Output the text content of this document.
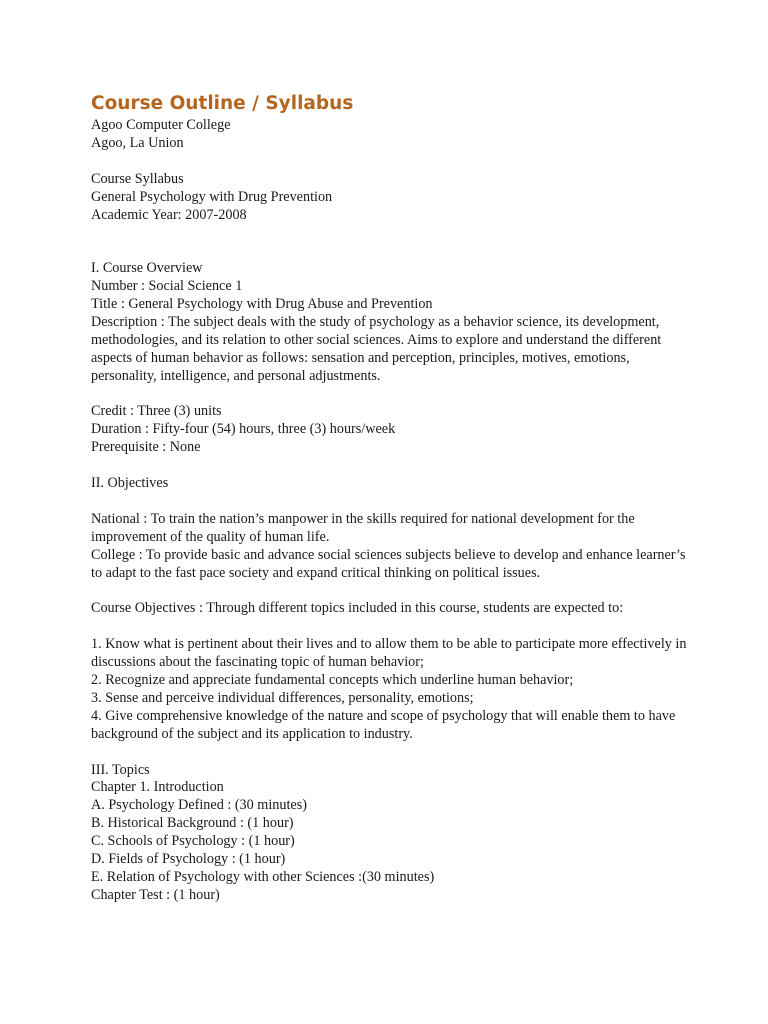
Course Outline / Syllabus
Agoo Computer College
Agoo, La Union
Course Syllabus
General Psychology with Drug Prevention
Academic Year: 2007-2008
I. Course Overview
Number : Social Science 1
Title : General Psychology with Drug Abuse and Prevention
Description : The subject deals with the study of psychology as a behavior science, its development, methodologies, and its relation to other social sciences. Aims to explore and understand the different aspects of human behavior as follows: sensation and perception, principles, motives, emotions, personality, intelligence, and personal adjustments.
Credit : Three (3) units
Duration : Fifty-four (54) hours, three (3) hours/week
Prerequisite : None
II. Objectives
National : To train the nation’s manpower in the skills required for national development for the improvement of the quality of human life.
College : To provide basic and advance social sciences subjects believe to develop and enhance learner’s to adapt to the fast pace society and expand critical thinking on political issues.
Course Objectives : Through different topics included in this course, students are expected to:
1. Know what is pertinent about their lives and to allow them to be able to participate more effectively in discussions about the fascinating topic of human behavior;
2. Recognize and appreciate fundamental concepts which underline human behavior;
3. Sense and perceive individual differences, personality, emotions;
4. Give comprehensive knowledge of the nature and scope of psychology that will enable them to have background of the subject and its application to industry.
III. Topics
Chapter 1. Introduction
A. Psychology Defined : (30 minutes)
B. Historical Background : (1 hour)
C. Schools of Psychology : (1 hour)
D. Fields of Psychology : (1 hour)
E. Relation of Psychology with other Sciences :(30 minutes)
Chapter Test : (1 hour)
